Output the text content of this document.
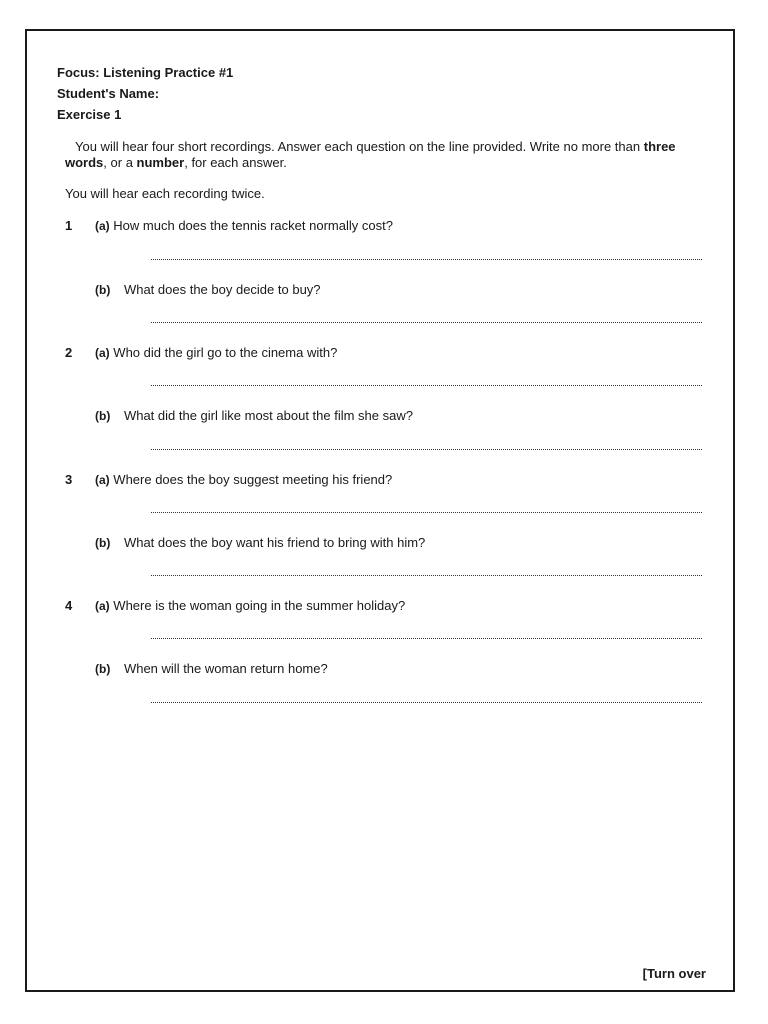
Focus: Listening Practice #1
Student's Name:
Exercise 1
You will hear four short recordings. Answer each question on the line provided. Write no more than three words, or a number, for each answer.
You will hear each recording twice.
1 (a) How much does the tennis racket normally cost?
(b) What does the boy decide to buy?
2 (a) Who did the girl go to the cinema with?
(b) What did the girl like most about the film she saw?
3 (a) Where does the boy suggest meeting his friend?
(b) What does the boy want his friend to bring with him?
4 (a) Where is the woman going in the summer holiday?
(b) When will the woman return home?
[Turn over
